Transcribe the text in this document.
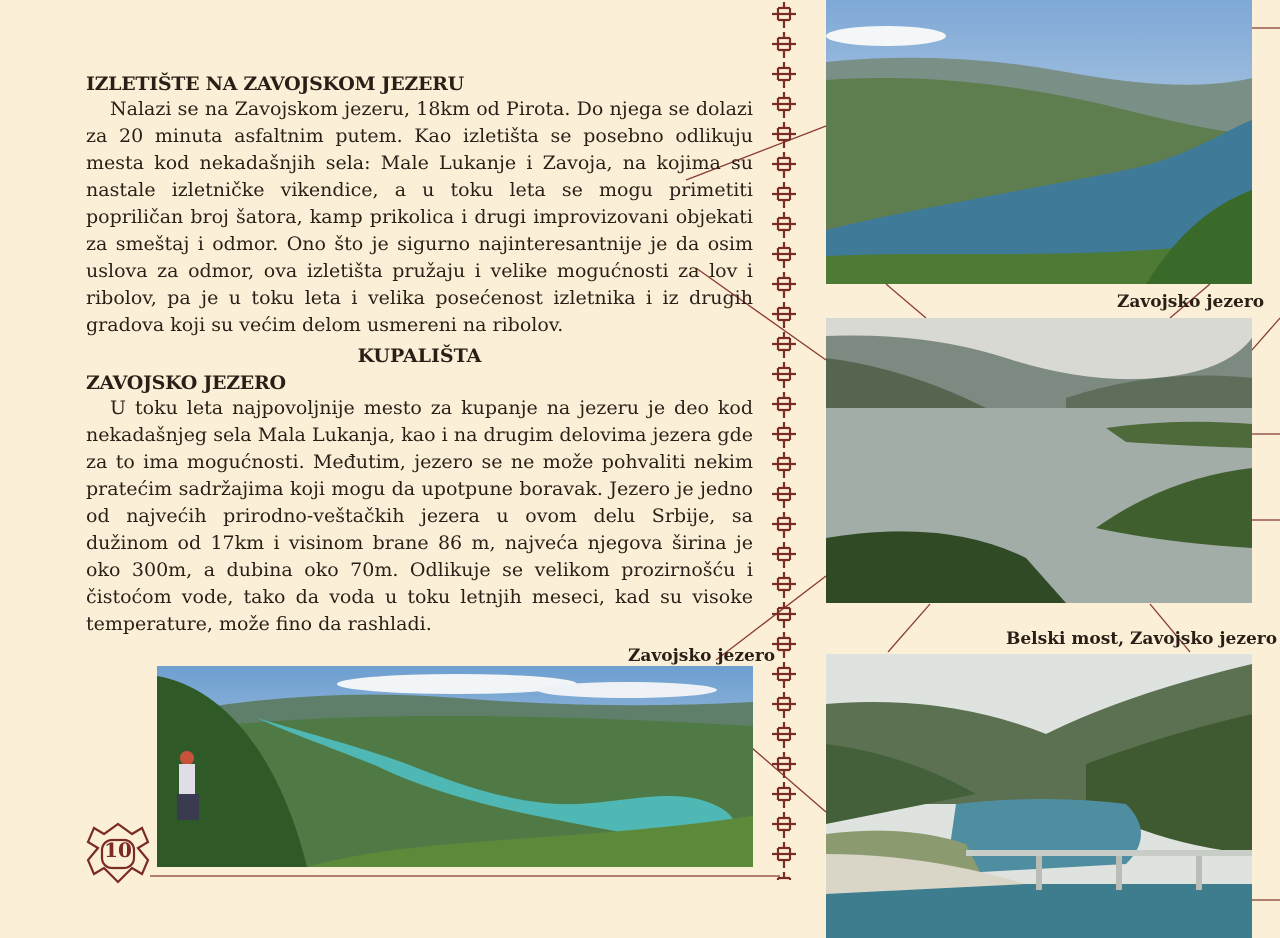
IZLETIŠTE NA ZAVOJSKOM JEZERU

Nalazi se na Zavojskom jezeru, 18km od Pirota. Do njega se dolazi za 20 minuta asfaltnim putem. Kao izletišta se posebno odlikuju mesta kod nekadašnjih sela: Male Lukanje i Zavoja, na kojima su nastale izletničke vikendice, a u toku leta se mogu primetiti popriličan broj šatora, kamp prikolica i drugi improvizovani objekati za smeštaj i odmor. Ono što je sigurno najinteresantnije je da osim uslova za odmor, ova izletišta pružaju i velike mogućnosti za lov i ribolov, pa je u toku leta i velika posećenost izletnika i iz drugih gradova koji su većim delom usmereni na ribolov.

KUPALIŠTA
ZAVOJSKO JEZERO

U toku leta najpovoljnije mesto za kupanje na jezeru je deo kod nekadašnjeg sela Mala Lukanja, kao i na drugim delovima jezera gde za to ima mogućnosti. Međutim, jezero se ne može pohvaliti nekim pratećim sadržajima koji mogu da upotpune boravak. Jezero je jedno od najvećih prirodno-veštačkih jezera u ovom delu Srbije, sa dužinom od 17km i visinom brane 86 m, najveća njegova širina je oko 300m, a dubina oko 70m. Odlikuje se velikom prozirnošću i čistoćom vode, tako da voda u toku letnjih meseci, kad su visoke temperature, može fino da rashladi.

Zavojsko jezero
Zavojsko jezero
Belski most, Zavojsko jezero
10
